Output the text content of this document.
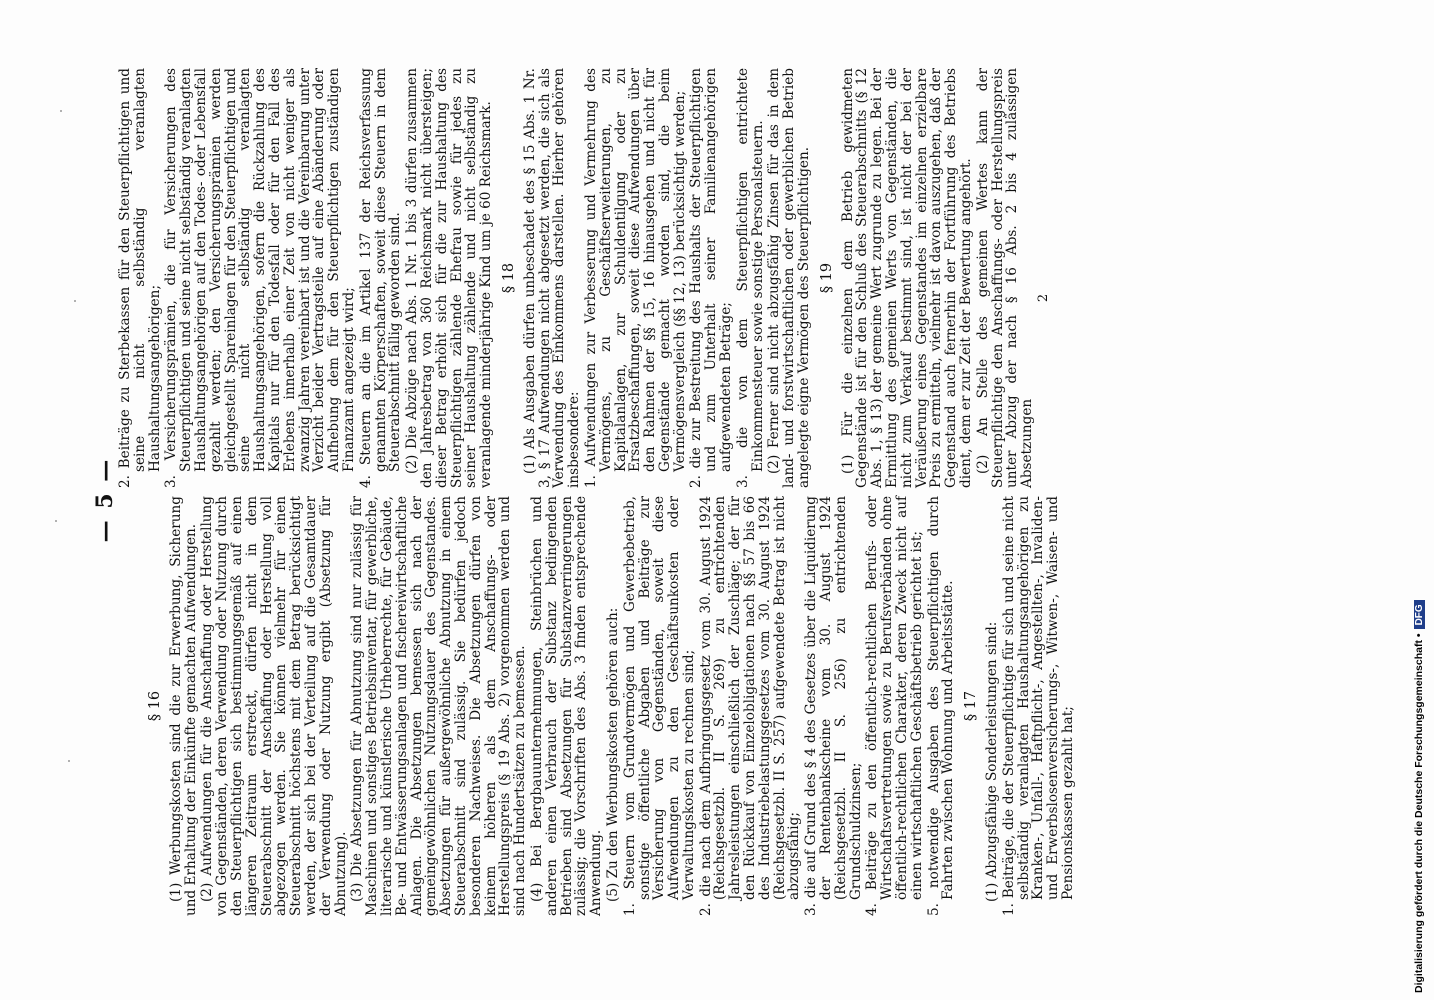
— 5 —
§ 16 (1) Werbungskosten sind die zur Erwerbung, Sicherung und Erhaltung der Einkünfte gemachten Aufwendungen. (2) Aufwendungen für die Anschaffung oder Herstellung von Gegenständen, deren Verwendung oder Nutzung durch den Steuerpflichtigen sich bestimmungsgemäß auf einen längeren Zeitraum erstreckt, dürfen nicht in dem Steuerabschnitt der Anschaffung oder Herstellung voll abgezogen werden. Sie können vielmehr für einen Steuerabschnitt höchstens mit dem Betrag berücksichtigt werden, der sich bei der Verteilung auf die Gesamtdauer der Verwendung oder Nutzung ergibt (Absetzung für Abnutzung). (3) Die Absetzungen für Abnutzung sind nur zulässig für Maschinen und sonstiges Betriebsinventar, für gewerbliche, literarische und künstlerische Urheberrechte, für Gebäude, Be- und Entwässerungsanlagen und fischereiwirtschaftliche Anlagen. Die Absetzungen bemessen sich nach der gemeingewöhnlichen Nutzungsdauer des Gegenstandes. Absetzungen für außergewöhnliche Abnutzung in einem Steuerabschnitt sind zulässig. Sie bedürfen jedoch besonderen Nachweises. Die Absetzungen dürfen von keinem höheren als dem Anschaffungs- oder Herstellungspreis (§ 19 Abs. 2) vorgenommen werden und sind nach Hundertsätzen zu bemessen. (4) Bei Bergbauunternehmungen, Steinbrüchen und anderen einen Verbrauch der Substanz bedingenden Betrieben sind Absetzungen für Substanzverringerungen zulässig; die Vorschriften des Abs. 3 finden entsprechende Anwendung. (5) Zu den Werbungskosten gehören auch: 1. Steuern vom Grundvermögen und Gewerbebetrieb, sonstige öffentliche Abgaben und Beiträge zur Versicherung von Gegenständen, soweit diese Aufwendungen zu den Geschäftsunkosten oder Verwaltungskosten zu rechnen sind; 2. die nach dem Aufbringungsgesetz vom 30. August 1924 (Reichsgesetzbl. II S. 269) zu entrichtenden Jahresleistungen einschließlich der Zuschläge; der für den Rückkauf von Einzelobligationen nach §§ 57 bis 66 des Industriebelastungsgesetzes vom 30. August 1924 (Reichsgesetzbl. II S. 257) aufgewendete Betrag ist nicht abzugsfähig; 3. die auf Grund des § 4 des Gesetzes über die Liquidierung der Rentenbankscheine vom 30. August 1924 (Reichsgesetzbl. II S. 256) zu entrichtenden Grundschuldzinsen; 4. Beiträge zu den öffentlich-rechtlichen Berufs- oder Wirtschaftsvertretungen sowie zu Berufsverbänden ohne öffentlich-rechtlichen Charakter, deren Zweck nicht auf einen wirtschaftlichen Geschäftsbetrieb gerichtet ist; 5. notwendige Ausgaben des Steuerpflichtigen durch Fahrten zwischen Wohnung und Arbeitsstätte. § 17 (1) Abzugsfähige Sonderleistungen sind: 1. Beiträge, die der Steuerpflichtige für sich und seine nicht selbständig veranlagten Haushaltungsangehörigen zu Kranken-, Unfall-, Haftpflicht-, Angestellten-, Invaliden- und Erwerbslosenversicherungs-, Witwen-, Waisen- und Pensionskassen gezahlt hat;

2. Beiträge zu Sterbekassen für den Steuerpflichtigen und seine nicht selbständig veranlagten Haushaltungsangehörigen; 3. Versicherungsprämien, die für Versicherungen des Steuerpflichtigen und seine nicht selbständig veranlagten Haushaltungsangehörigen auf den Todes- oder Lebensfall gezahlt werden; den Versicherungsprämien werden gleichgestellt Spareinlagen für den Steuerpflichtigen und seine nicht selbständig veranlagten Haushaltungsangehörigen, sofern die Rückzahlung des Kapitals nur für den Todesfall oder für den Fall des Erlebens innerhalb einer Zeit von nicht weniger als zwanzig Jahren vereinbart ist und die Vereinbarung unter Verzicht beider Vertragsteile auf eine Abänderung oder Aufhebung dem für den Steuerpflichtigen zuständigen Finanzamt angezeigt wird; 4. Steuern an die im Artikel 137 der Reichsverfassung genannten Körperschaften, soweit diese Steuern in dem Steuerabschnitt fällig geworden sind. (2) Die Abzüge nach Abs. 1 Nr. 1 bis 3 dürfen zusammen den Jahresbetrag von 360 Reichsmark nicht übersteigen; dieser Betrag erhöht sich für die zur Haushaltung des Steuerpflichtigen zählende Ehefrau sowie für jedes zu seiner Haushaltung zählende und nicht selbständig zu veranlagende minderjährige Kind um je 60 Reichsmark. § 18 (1) Als Ausgaben dürfen unbeschadet des § 15 Abs. 1 Nr. 3, § 17 Aufwendungen nicht abgesetzt werden, die sich als Verwendung des Einkommens darstellen. Hierher gehören insbesondere: 1. Aufwendungen zur Verbesserung und Vermehrung des Vermögens, zu Geschäftserweiterungen, zu Kapitalanlagen, zur Schuldentilgung oder zu Ersatzbeschaffungen, soweit diese Aufwendungen über den Rahmen der §§ 15, 16 hinausgehen und nicht für Gegenstände gemacht worden sind, die beim Vermögensvergleich (§§ 12, 13) berücksichtigt werden; 2. die zur Bestreitung des Haushalts der Steuerpflichtigen und zum Unterhalt seiner Familienangehörigen aufgewendeten Beträge; 3. die von dem Steuerpflichtigen entrichtete Einkommensteuer sowie sonstige Personalsteuern. (2) Ferner sind nicht abzugsfähig Zinsen für das in dem land- und forstwirtschaftlichen oder gewerblichen Betrieb angelegte eigne Vermögen des Steuerpflichtigen. § 19 (1) Für die einzelnen dem Betrieb gewidmeten Gegenstände ist für den Schluß des Steuerabschnitts (§ 12 Abs. 1, § 13) der gemeine Wert zugrunde zu legen. Bei der Ermittlung des gemeinen Werts von Gegenständen, die nicht zum Verkauf bestimmt sind, ist nicht der bei der Veräußerung eines Gegenstandes im einzelnen erzielbare Preis zu ermitteln, vielmehr ist davon auszugehen, daß der Gegenstand auch fernerhin der Fortführung des Betriebs dient, dem er zur Zeit der Bewertung angehört. (2) An Stelle des gemeinen Wertes kann der Steuerpflichtige den Anschaffungs- oder Herstellungspreis unter Abzug der nach § 16 Abs. 2 bis 4 zulässigen Absetzungen

2
Digitalisierung gefördert durch die Deutsche Forschungsgemeinschaft •
DFG
